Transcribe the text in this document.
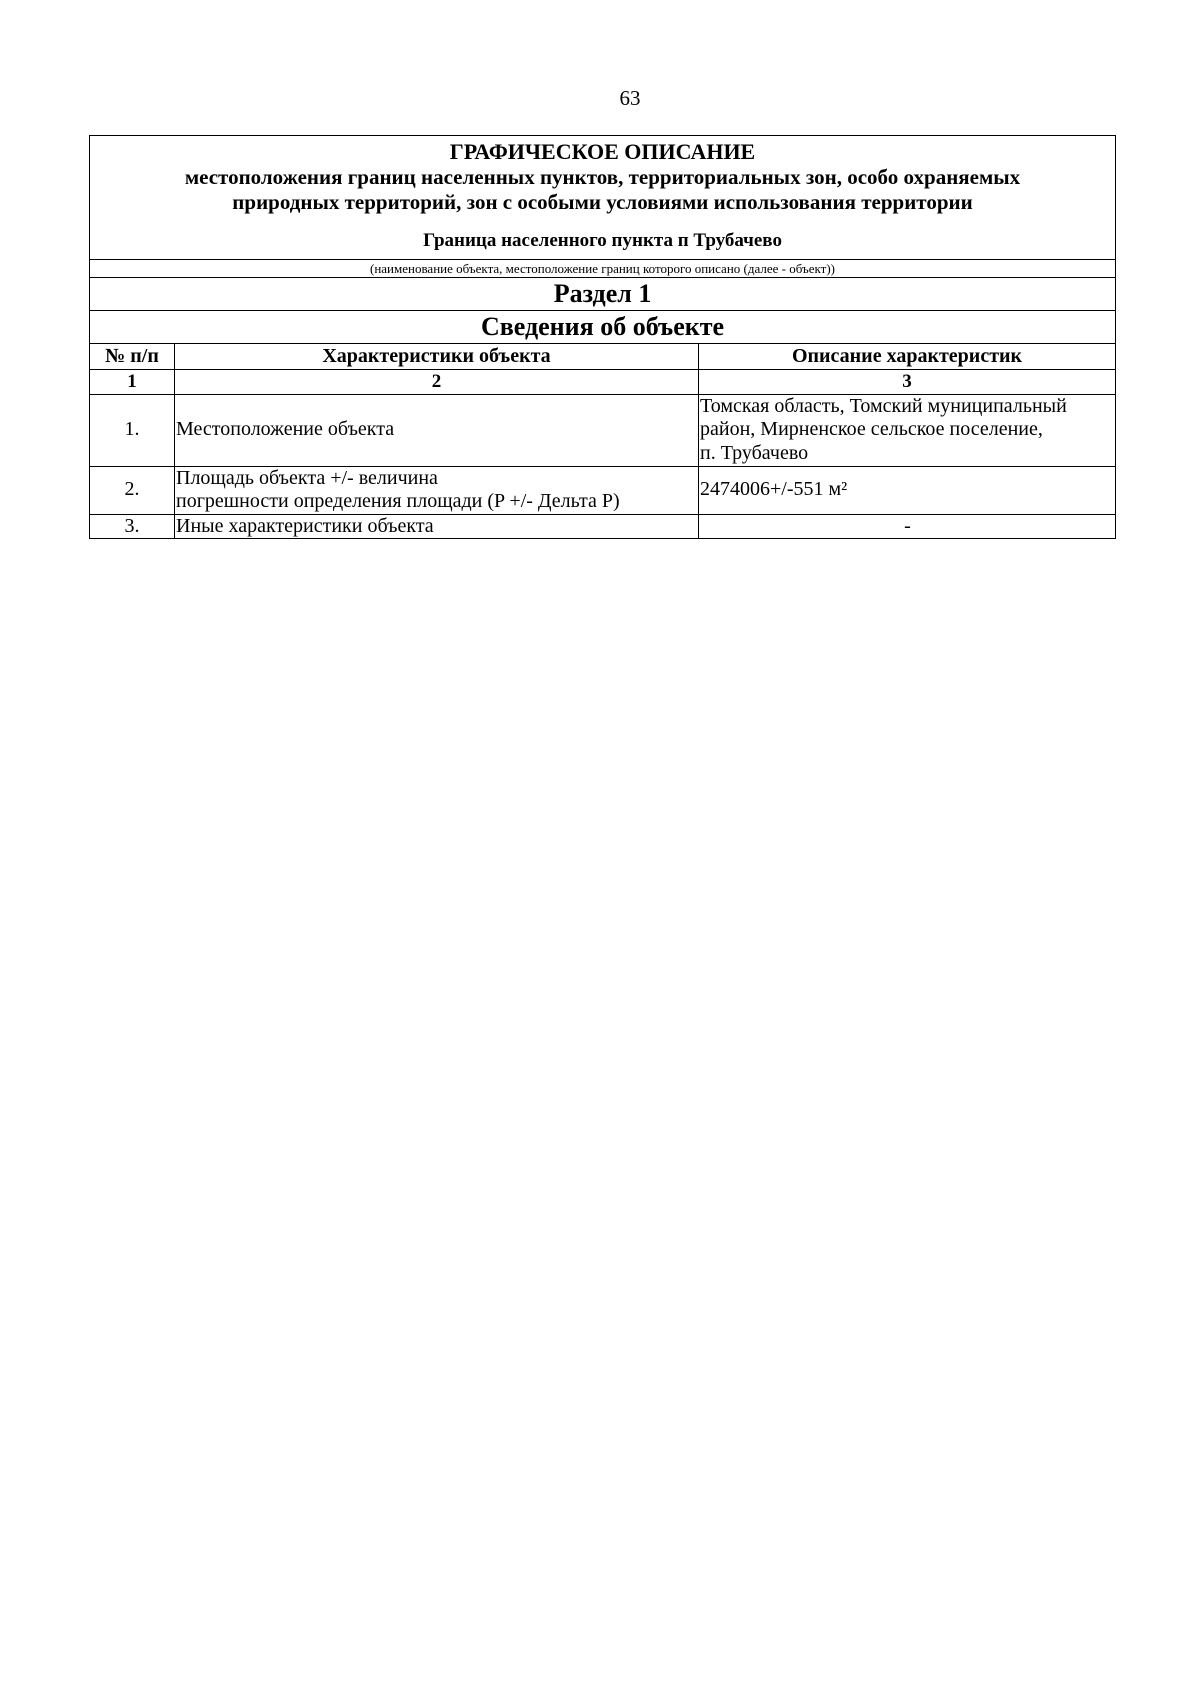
63
ГРАФИЧЕСКОЕ ОПИСАНИЕ
местоположения границ населенных пунктов, территориальных зон, особо охраняемых
природных территорий, зон с особыми условиями использования территории
Граница населенного пункта п Трубачево		

(наименование объекта, местоположение границ которого описано (далее - объект))		
Раздел 1		
Сведения об объекте		
№ п/п	Характеристики объекта	Описание характеристик
1	2	3
1.	Местоположение объекта	Томская область, Томский муниципальный
район, Мирненское сельское поселение,
п. Трубачево

2.	Площадь объекта +/- величина
погрешности определения площади (P +/- Дельта P)	2474006+/-551 м²

3.	Иные характеристики объекта	-
